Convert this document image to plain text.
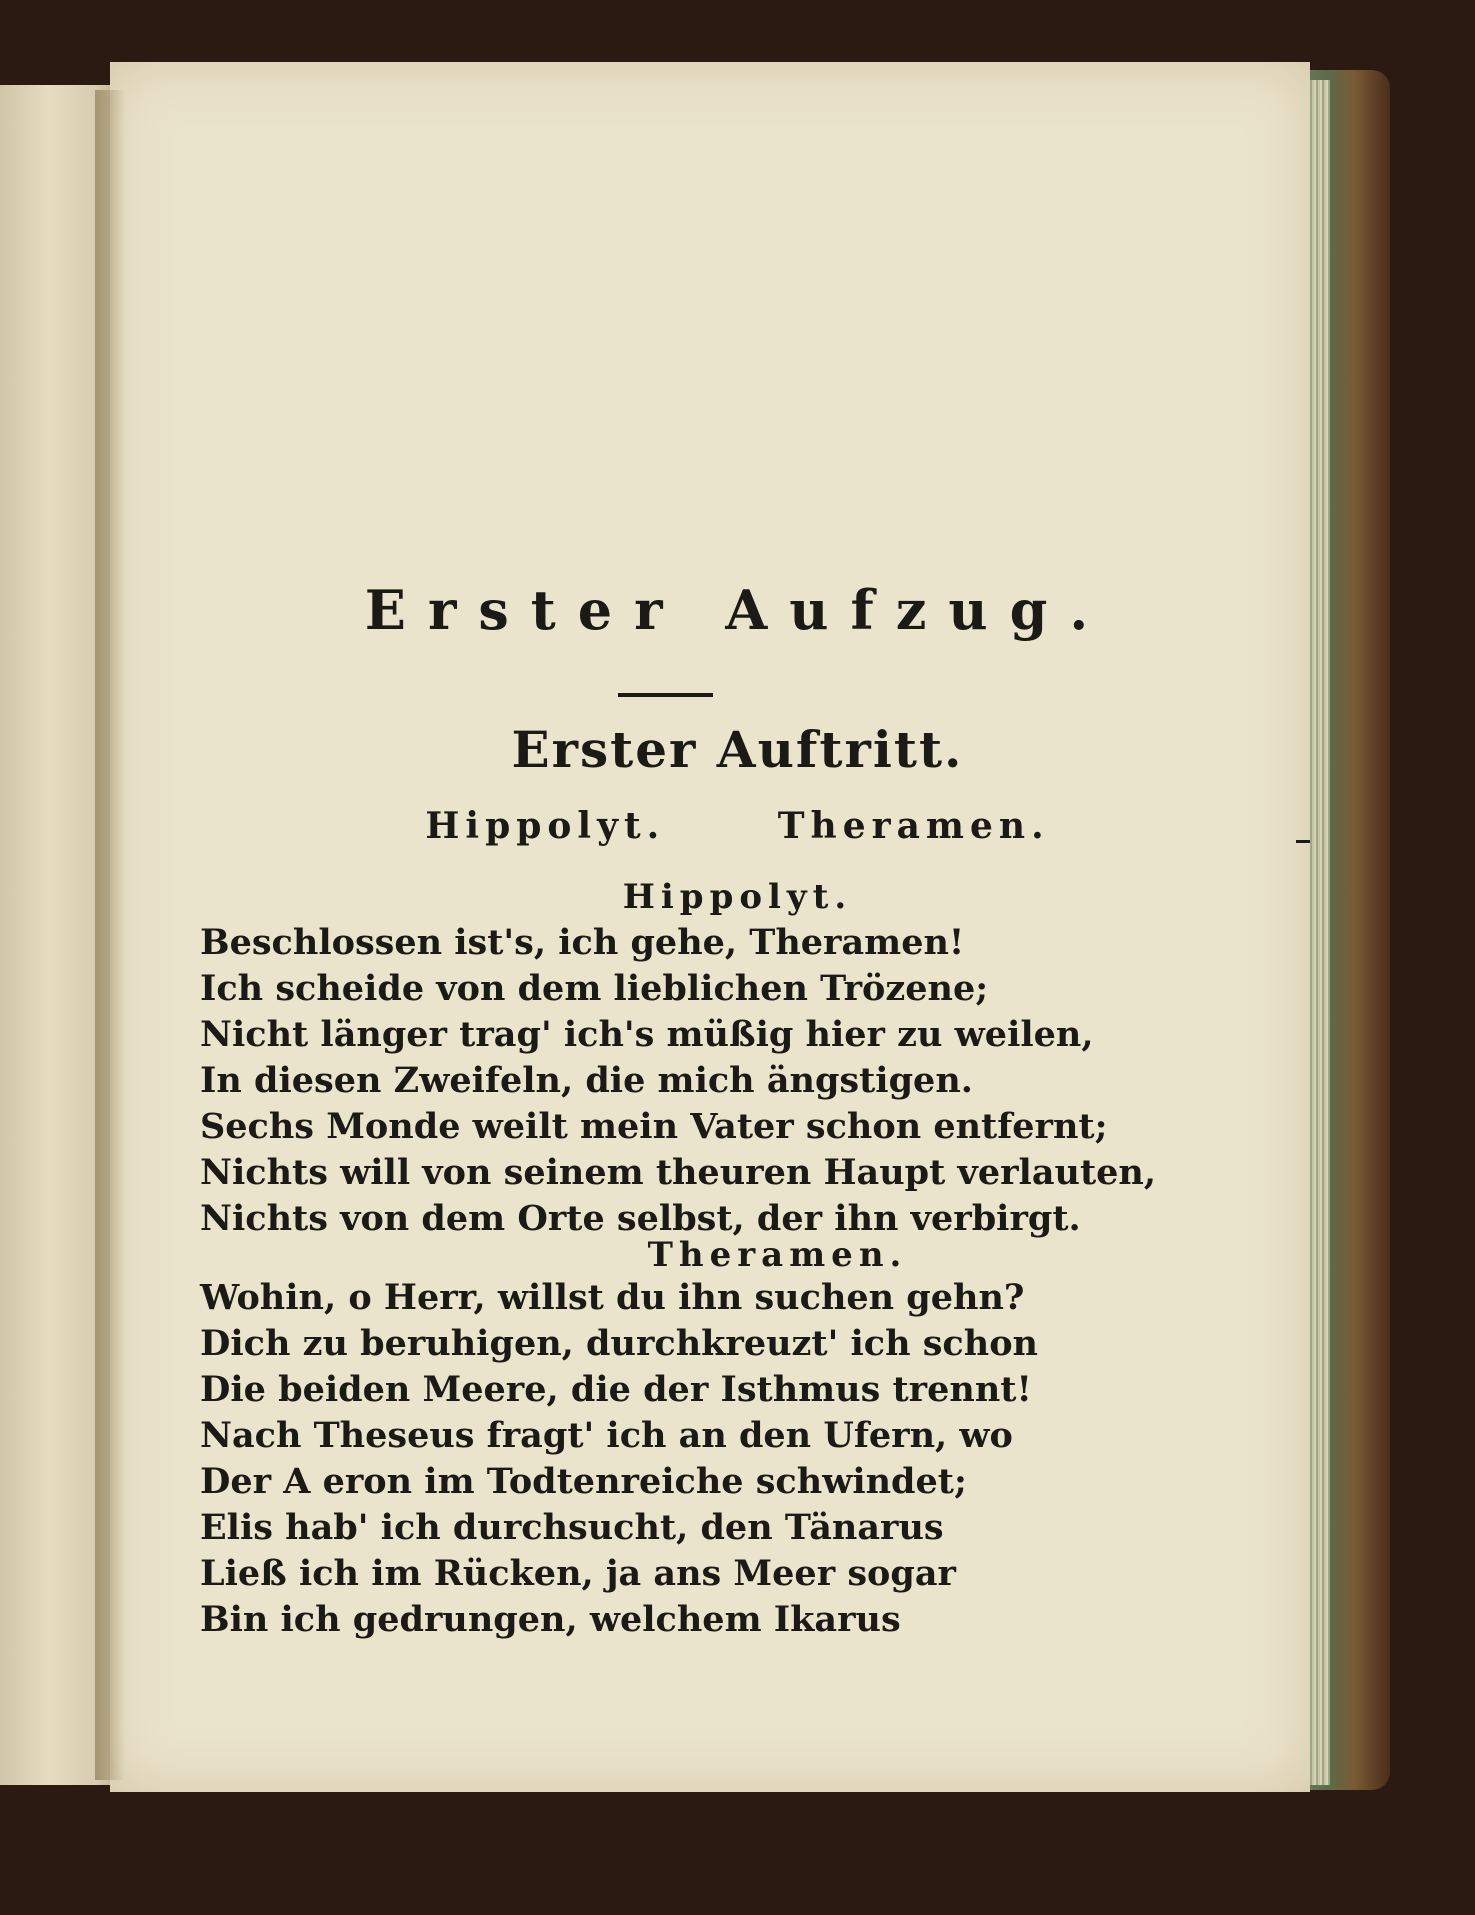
Erster Aufzug.
Erster Auftritt.
Hippolyt.	Theramen.
Hippolyt.
Beschlossen ist's, ich gehe, Theramen!
Ich scheide von dem lieblichen Trözene;
Nicht länger trag' ich's müßig hier zu weilen,
In diesen Zweifeln, die mich ängstigen.
Sechs Monde weilt mein Vater schon entfernt;
Nichts will von seinem theuren Haupt verlauten,
Nichts von dem Orte selbst, der ihn verbirgt.
Theramen.
Wohin, o Herr, willst du ihn suchen gehn?
Dich zu beruhigen, durchkreuzt' ich schon
Die beiden Meere, die der Isthmus trennt!
Nach Theseus fragt' ich an den Ufern, wo
Der A eron im Todtenreiche schwindet;
Elis hab' ich durchsucht, den Tänarus
Ließ ich im Rücken, ja ans Meer sogar
Bin ich gedrungen, welchem Ikarus
